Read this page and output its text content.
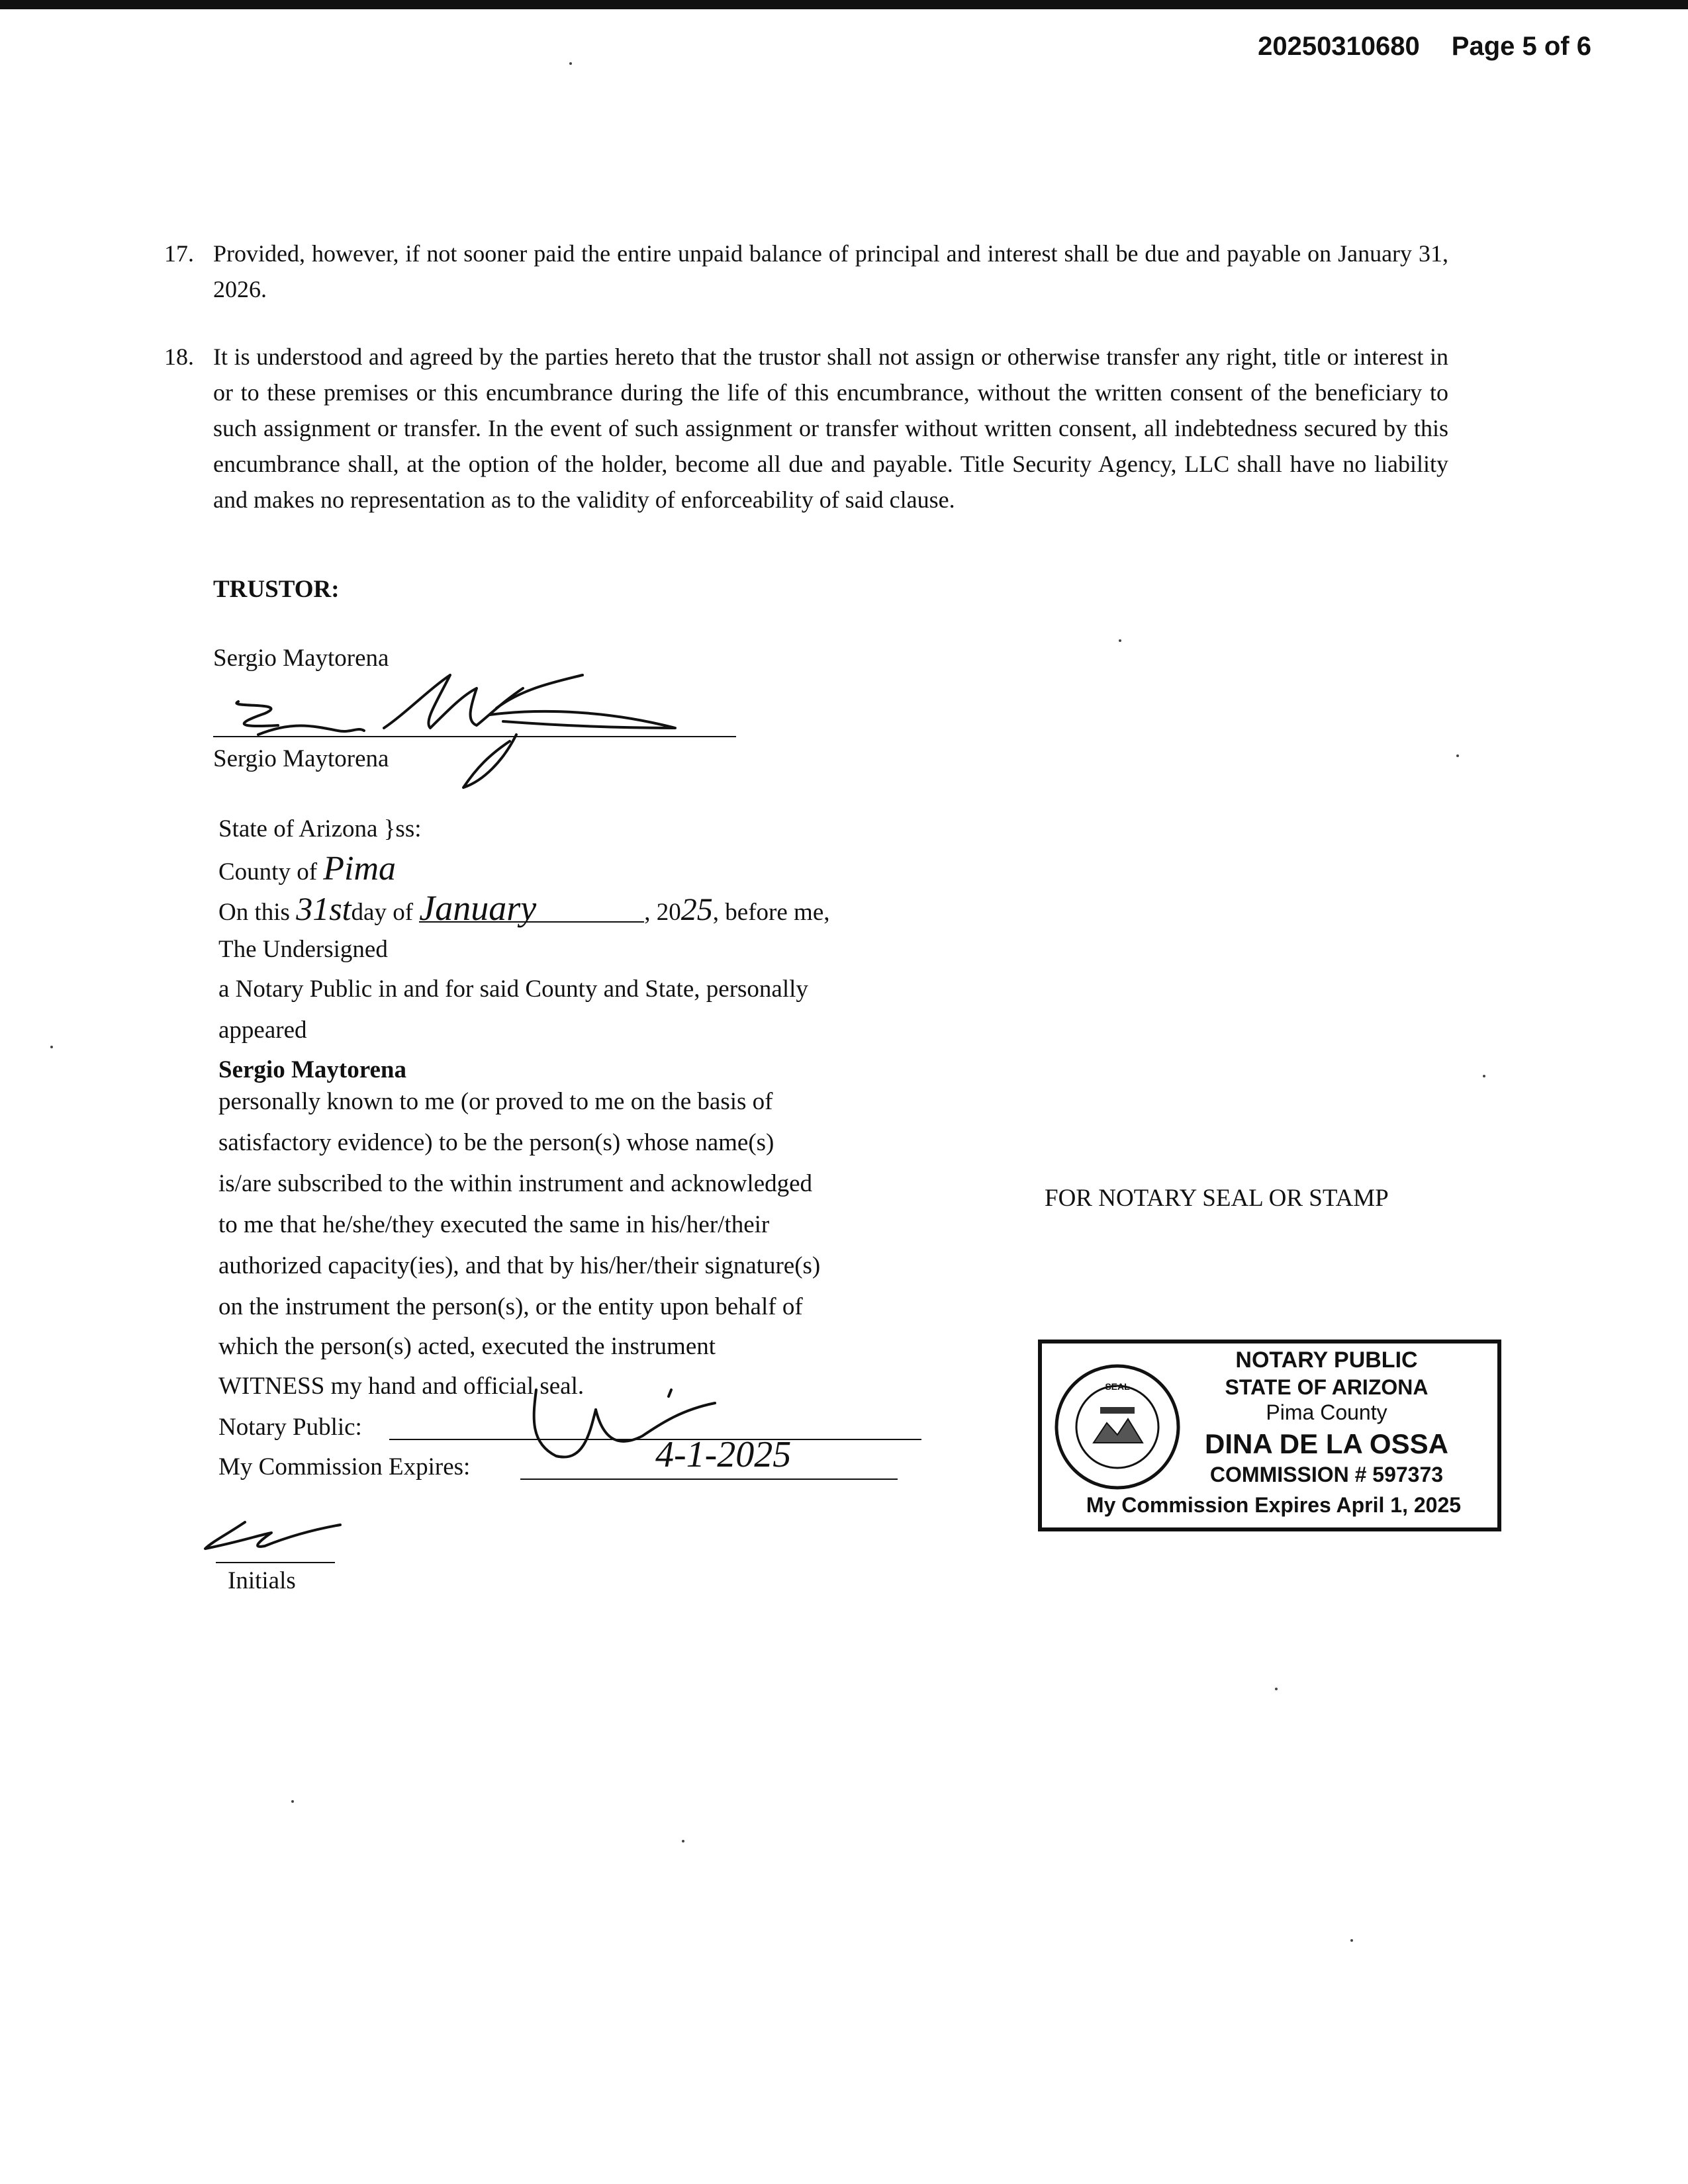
20250310680 Page 5 of 6
17. Provided, however, if not sooner paid the entire unpaid balance of principal and interest shall be due and payable on January 31, 2026.
18. It is understood and agreed by the parties hereto that the trustor shall not assign or otherwise transfer any right, title or interest in or to these premises or this encumbrance during the life of this encumbrance, without the written consent of the beneficiary to such assignment or transfer. In the event of such assignment or transfer without written consent, all indebtedness secured by this encumbrance shall, at the option of the holder, become all due and payable. Title Security Agency, LLC shall have no liability and makes no representation as to the validity of enforceability of said clause.
TRUSTOR:
Sergio Maytorena
Sergio Maytorena
State of Arizona }ss:
County of Pima
On this 31stday of January	, 2025, before me,
The Undersigned
a Notary Public in and for said County and State, personally
appeared
Sergio Maytorena
personally known to me (or proved to me on the basis of
satisfactory evidence) to be the person(s) whose name(s)
is/are subscribed to the within instrument and acknowledged
to me that he/she/they executed the same in his/her/their
authorized capacity(ies), and that by his/her/their signature(s)
on the instrument the person(s), or the entity upon behalf of
which the person(s) acted, executed the instrument
WITNESS my hand and official seal.
Notary Public:
My Commission Expires:	4-1-2025
Initials
FOR NOTARY SEAL OR STAMP
SEAL
NOTARY PUBLIC
STATE OF ARIZONA
Pima County
DINA DE LA OSSA
COMMISSION # 597373
My Commission Expires April 1, 2025
